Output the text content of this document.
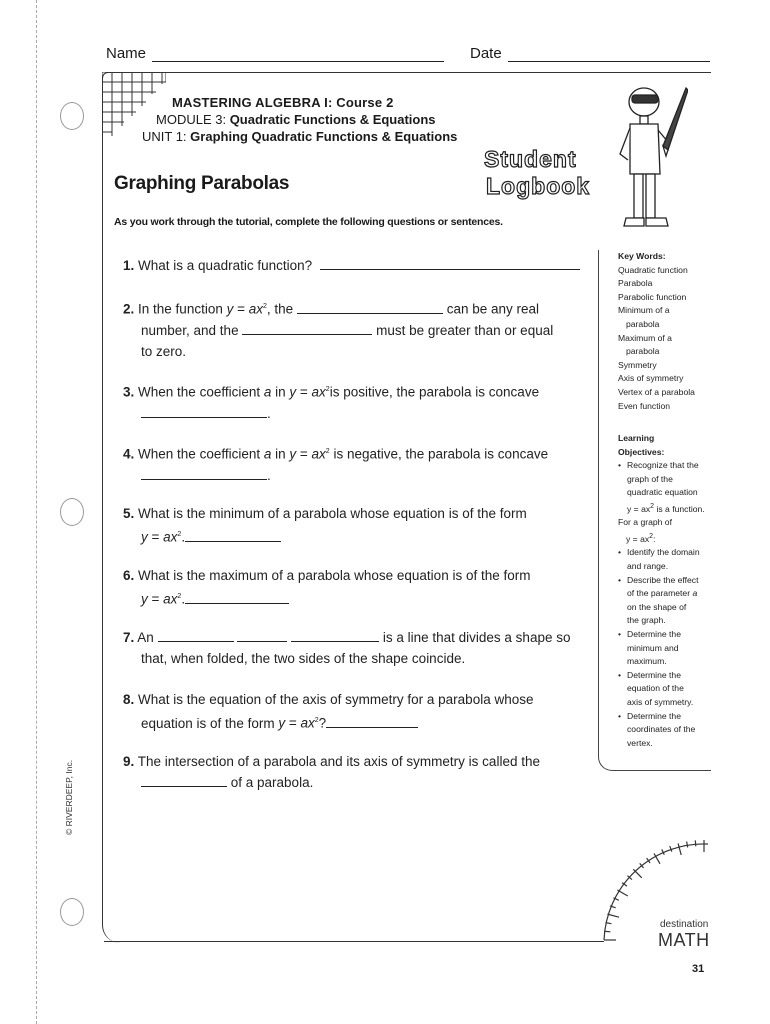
Name	Date
MASTERING ALGEBRA I: Course 2
MODULE 3: Quadratic Functions & Equations
UNIT 1: Graphing Quadratic Functions & Equations
Graphing Parabolas
Student
Logbook
As you work through the tutorial, complete the following questions or sentences.
1. What is a quadratic function?
2. In the function $y = ax^2$, the	can be any real
number, and the	must be greater than or equal
to zero.
3. When the coefficient a in $y = ax^2is$ positive, the parabola is concave
.
4. When the coefficient a in $y = ax^2$ is negative, the parabola is concave
.
5. What is the minimum of a parabola whose equation is of the form
$y = ax^2$.
6. What is the maximum of a parabola whose equation is of the form
$y = ax^2$.
7. An	is a line that divides a shape so
that, when folded, the two sides of the shape coincide.
8. What is the equation of the axis of symmetry for a parabola whose
equation is of the form $y = ax^2$?
9. The intersection of a parabola and its axis of symmetry is called the
of a parabola.
Key Words:
Quadratic function
Parabola
Parabolic function
Minimum of a
parabola
Maximum of a
parabola
Symmetry
Axis of symmetry
Vertex of a parabola
Even function
Learning
Objectives:
• Recognize that the
graph of the
quadratic equation
$y = ax^2$ is a function.
For a graph of
$y = ax^2$:
• Identify the domain
and range.
• Describe the effect
of the parameter a
on the shape of
the graph.
• Determine the
minimum and
maximum.
• Determine the
equation of the
axis of symmetry.
• Determine the
coordinates of the
vertex.
© RIVERDEEP, Inc.
destination
MATH
31
